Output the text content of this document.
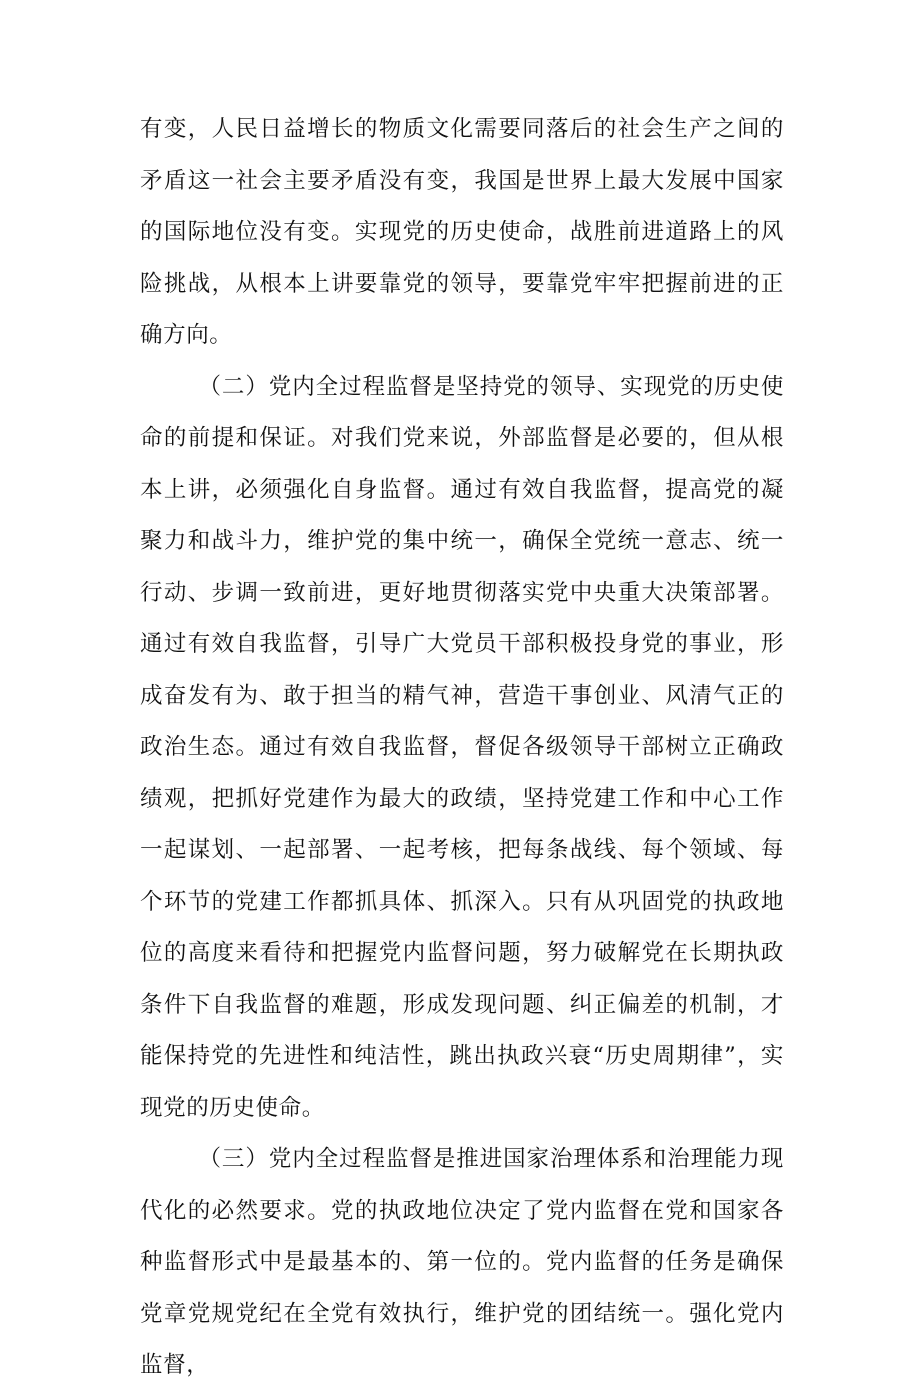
有变，人民日益增长的物质文化需要同落后的社会生产之间的矛盾这一社会主要矛盾没有变，我国是世界上最大发展中国家的国际地位没有变。实现党的历史使命，战胜前进道路上的风险挑战，从根本上讲要靠党的领导，要靠党牢牢把握前进的正确方向。

（二）党内全过程监督是坚持党的领导、实现党的历史使命的前提和保证。对我们党来说，外部监督是必要的，但从根本上讲，必须强化自身监督。通过有效自我监督，提高党的凝聚力和战斗力，维护党的集中统一，确保全党统一意志、统一行动、步调一致前进，更好地贯彻落实党中央重大决策部署。通过有效自我监督，引导广大党员干部积极投身党的事业，形成奋发有为、敢于担当的精气神，营造干事创业、风清气正的政治生态。通过有效自我监督，督促各级领导干部树立正确政绩观，把抓好党建作为最大的政绩，坚持党建工作和中心工作一起谋划、一起部署、一起考核，把每条战线、每个领域、每个环节的党建工作都抓具体、抓深入。只有从巩固党的执政地位的高度来看待和把握党内监督问题，努力破解党在长期执政条件下自我监督的难题，形成发现问题、纠正偏差的机制，才能保持党的先进性和纯洁性，跳出执政兴衰“历史周期律”，实现党的历史使命。

（三）党内全过程监督是推进国家治理体系和治理能力现代化的必然要求。党的执政地位决定了党内监督在党和国家各种监督形式中是最基本的、第一位的。党内监督的任务是确保党章党规党纪在全党有效执行，维护党的团结统一。强化党内监督，
